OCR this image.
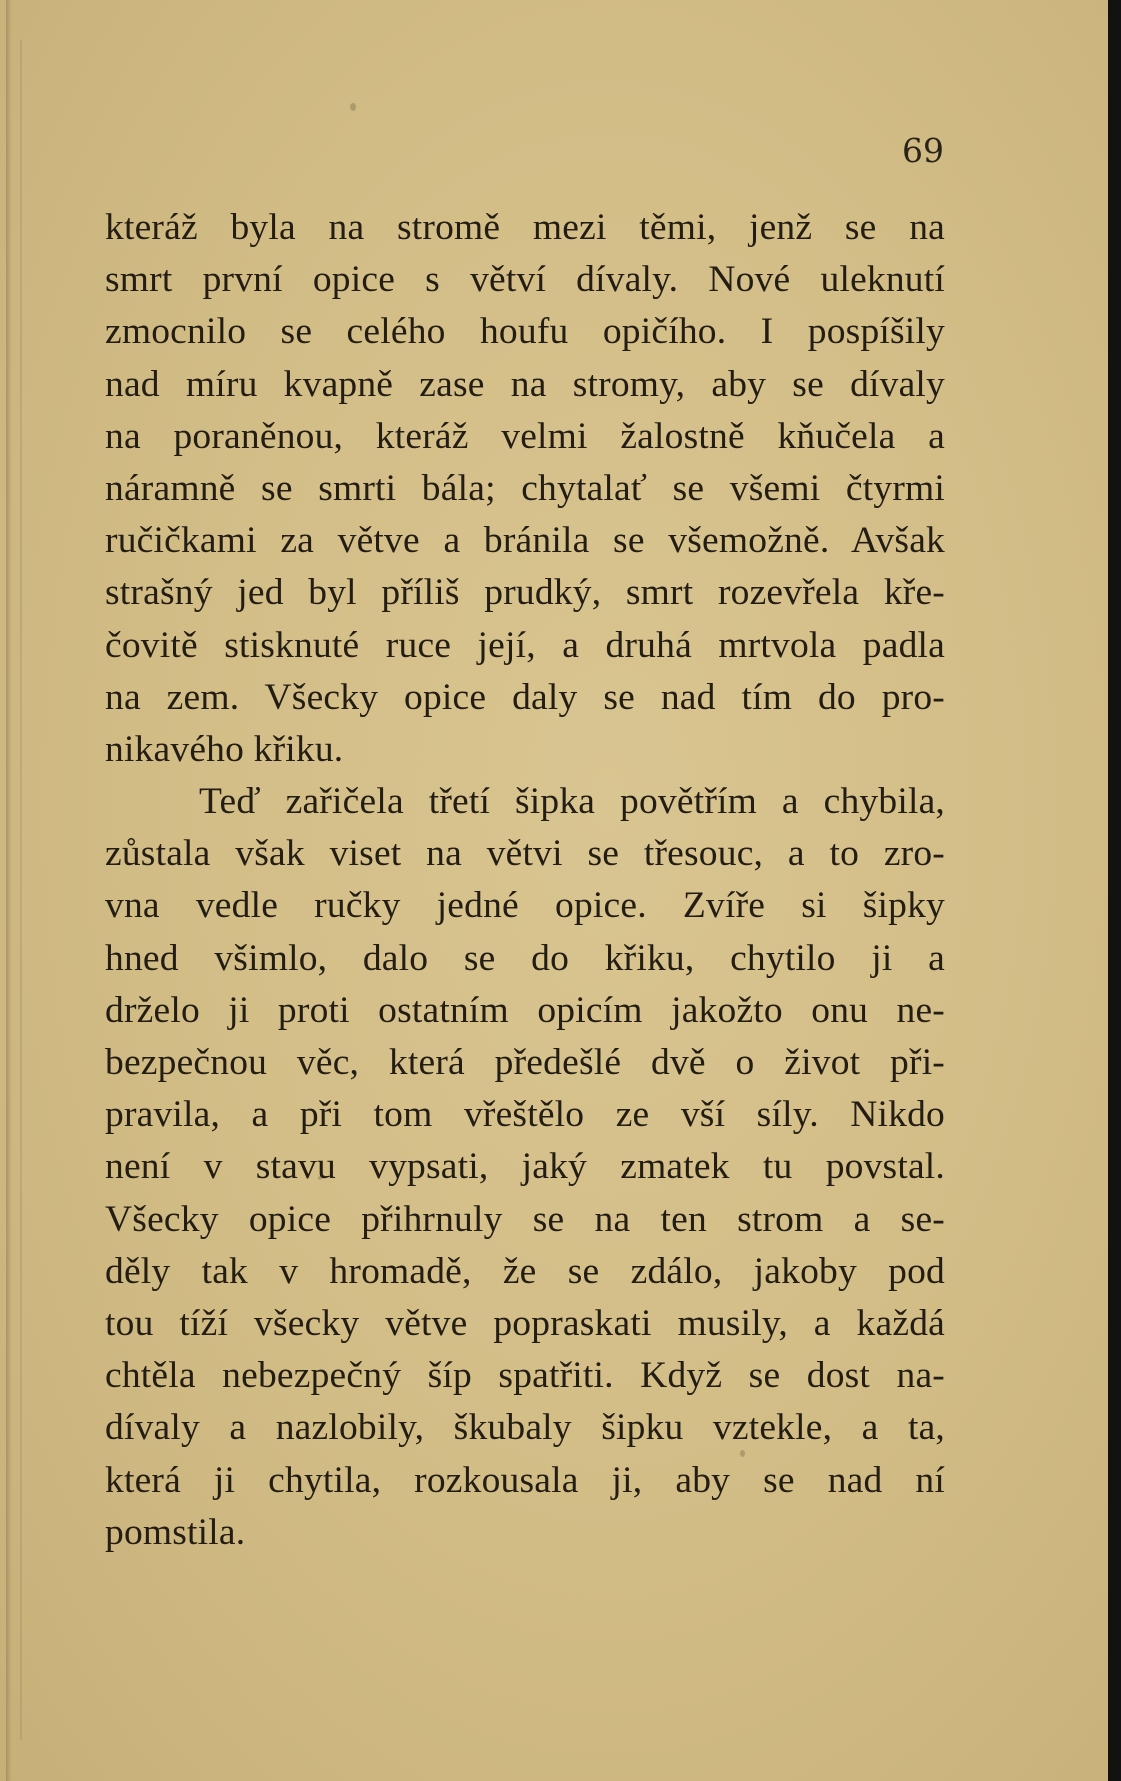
69
kteráž byla na stromě mezi těmi, jenž se na
smrt první opice s větví dívaly. Nové uleknutí
zmocnilo se celého houfu opičího. I pospíšily
nad míru kvapně zase na stromy, aby se dívaly
na poraněnou, kteráž velmi žalostně kňučela a
náramně se smrti bála; chytalať se všemi čtyrmi
ručičkami za větve a bránila se všemožně. Avšak
strašný jed byl příliš prudký, smrt rozevřela kře-
čovitě stisknuté ruce její, a druhá mrtvola padla
na zem. Všecky opice daly se nad tím do pro-
nikavého křiku.
Teď zařičela třetí šipka povětřím a chybila,
zůstala však viset na větvi se třesouc, a to zro-
vna vedle ručky jedné opice. Zvíře si šipky
hned všimlo, dalo se do křiku, chytilo ji a
drželo ji proti ostatním opicím jakožto onu ne-
bezpečnou věc, která předešlé dvě o život při-
pravila, a při tom vřeštělo ze vší síly. Nikdo
není v stavu vypsati, jaký zmatek tu povstal.
Všecky opice přihrnuly se na ten strom a se-
děly tak v hromadě, že se zdálo, jakoby pod
tou tíží všecky větve popraskati musily, a každá
chtěla nebezpečný šíp spatřiti. Když se dost na-
dívaly a nazlobily, škubaly šipku vztekle, a ta,
která ji chytila, rozkousala ji, aby se nad ní
pomstila.
